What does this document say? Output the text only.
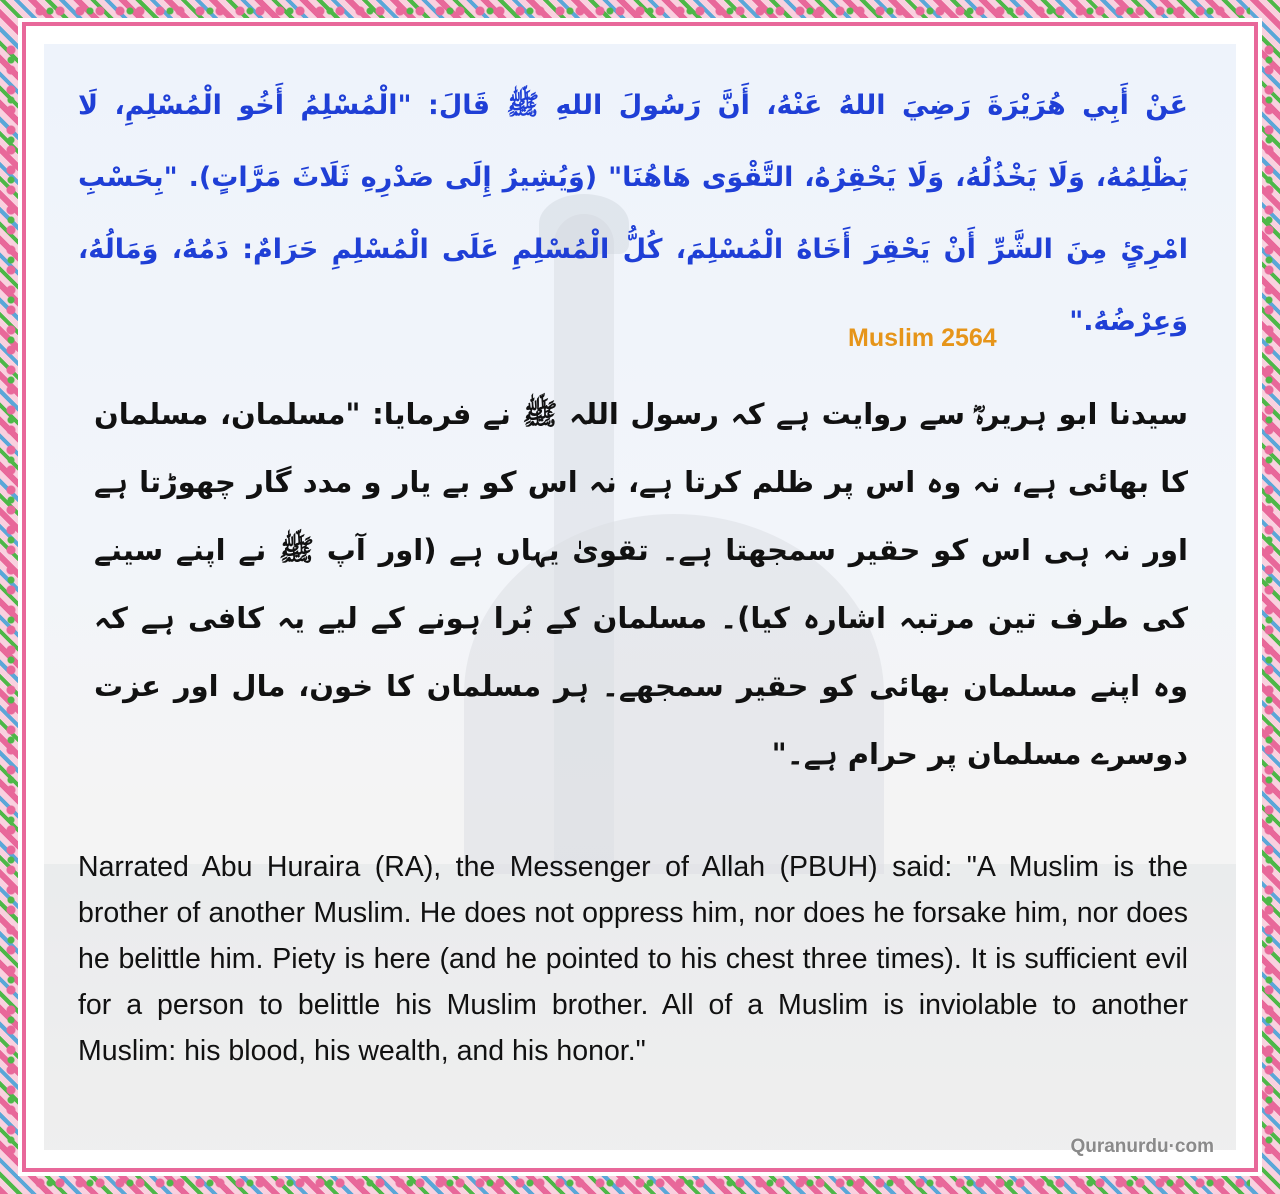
عَنْ أَبِي هُرَيْرَةَ رَضِيَ اللهُ عَنْهُ، أَنَّ رَسُولَ اللهِ ﷺ قَالَ: "الْمُسْلِمُ أَخُو الْمُسْلِمِ، لَا يَظْلِمُهُ، وَلَا يَخْذُلُهُ، وَلَا يَحْقِرُهُ، التَّقْوَى هَاهُنَا" (وَيُشِيرُ إِلَى صَدْرِهِ ثَلَاثَ مَرَّاتٍ). "بِحَسْبِ امْرِئٍ مِنَ الشَّرِّ أَنْ يَحْقِرَ أَخَاهُ الْمُسْلِمَ، كُلُّ الْمُسْلِمِ عَلَى الْمُسْلِمِ حَرَامٌ: دَمُهُ، وَمَالُهُ، وَعِرْضُهُ."
Muslim 2564
سیدنا ابو ہریرہؓ سے روایت ہے کہ رسول اللہ ﷺ نے فرمایا: "مسلمان، مسلمان کا بھائی ہے، نہ وہ اس پر ظلم کرتا ہے، نہ اس کو بے یار و مدد گار چھوڑتا ہے اور نہ ہی اس کو حقیر سمجھتا ہے۔ تقویٰ یہاں ہے (اور آپ ﷺ نے اپنے سینے کی طرف تین مرتبہ اشارہ کیا)۔ مسلمان کے بُرا ہونے کے لیے یہ کافی ہے کہ وہ اپنے مسلمان بھائی کو حقیر سمجھے۔ ہر مسلمان کا خون، مال اور عزت دوسرے مسلمان پر حرام ہے۔"
Narrated Abu Huraira (RA), the Messenger of Allah (PBUH) said: "A Muslim is the brother of another Muslim. He does not oppress him, nor does he forsake him, nor does he belittle him. Piety is here (and he pointed to his chest three times). It is sufficient evil for a person to belittle his Muslim brother. All of a Muslim is inviolable to another Muslim: his blood, his wealth, and his honor."
Quranurdu·com
